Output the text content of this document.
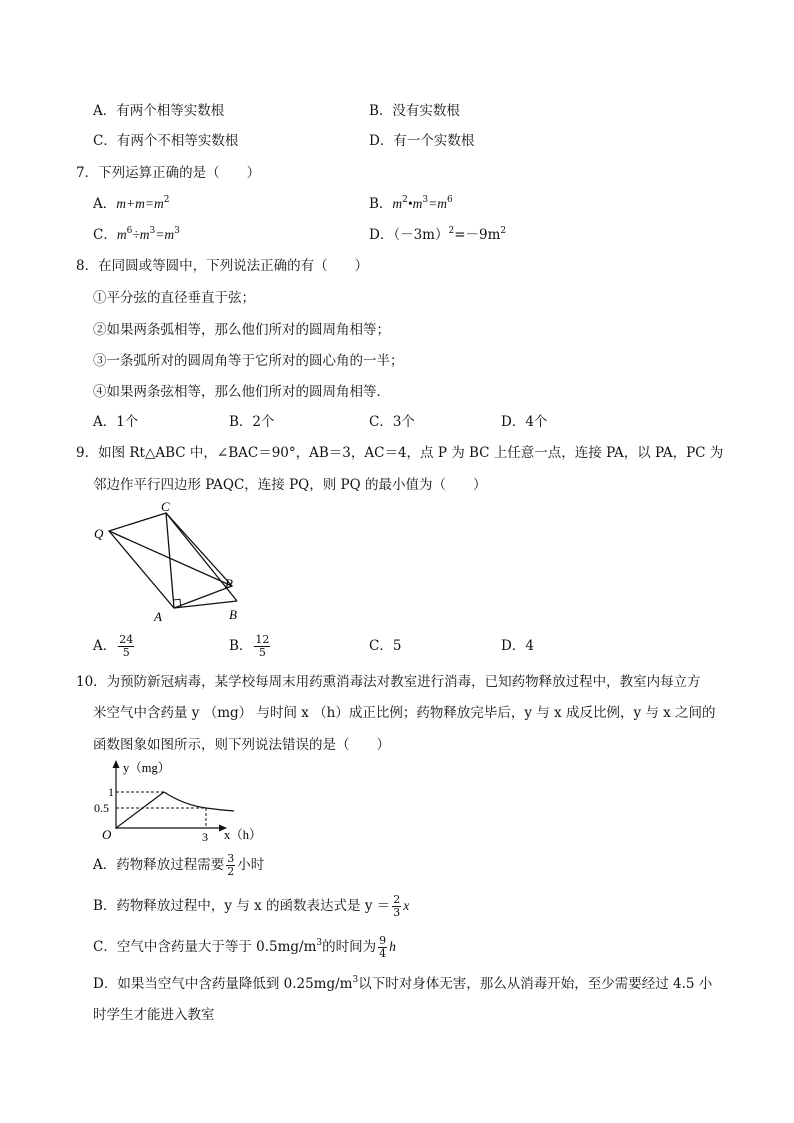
A．有两个相等实数根	B．没有实数根
C．有两个不相等实数根	D．有一个实数根
7．下列运算正确的是（　　）
A．$m+m=m^2$	B．$m^2•m^3=m^6$
C．$m^6\div m^3=m^3$	D．$(-3m)^2=-9m^2$
8．在同圆或等圆中，下列说法正确的有（　　）
①平分弦的直径垂直于弦；
②如果两条弧相等，那么他们所对的圆周角相等；
③一条弧所对的圆周角等于它所对的圆心角的一半；
④如果两条弦相等，那么他们所对的圆周角相等．
A．1个	B．2个	C．3个	D．4个
9．如图 Rt△ABC 中，∠BAC＝90°，AB＝3，AC＝4，点 P 为 BC 上任意一点，连接 PA，以 PA，PC 为
邻边作平行四边形 PAQC，连接 PQ，则 PQ 的最小值为（　　）
C
Q
P
A	B
A． $\frac{24}{5}$	B． $\frac{12}{5}$	C．5	D．4
10．为预防新冠病毒，某学校每周末用药熏消毒法对教室进行消毒，已知药物释放过程中，教室内每立方
米空气中含药量 y （mg） 与时间 x （h）成正比例；药物释放完毕后，y 与 x 成反比例，y 与 x 之间的
函数图象如图所示，则下列说法错误的是（　　）
y（mg）
1
0.5
O	3 x（h）
A．药物释放过程需要 $\frac{3}{2}$ 小时
B．药物释放过程中，y 与 x 的函数表达式是 $y = \frac{2}{3}$ x
C．空气中含药量大于等于 $0.5mg/m^3$的时间为 $\frac{9}{4}$ h
D．如果当空气中含药量降低到 $0.25mg/m^3$以下时对身体无害，那么从消毒开始，至少需要经过 4.5 小
时学生才能进入教室
